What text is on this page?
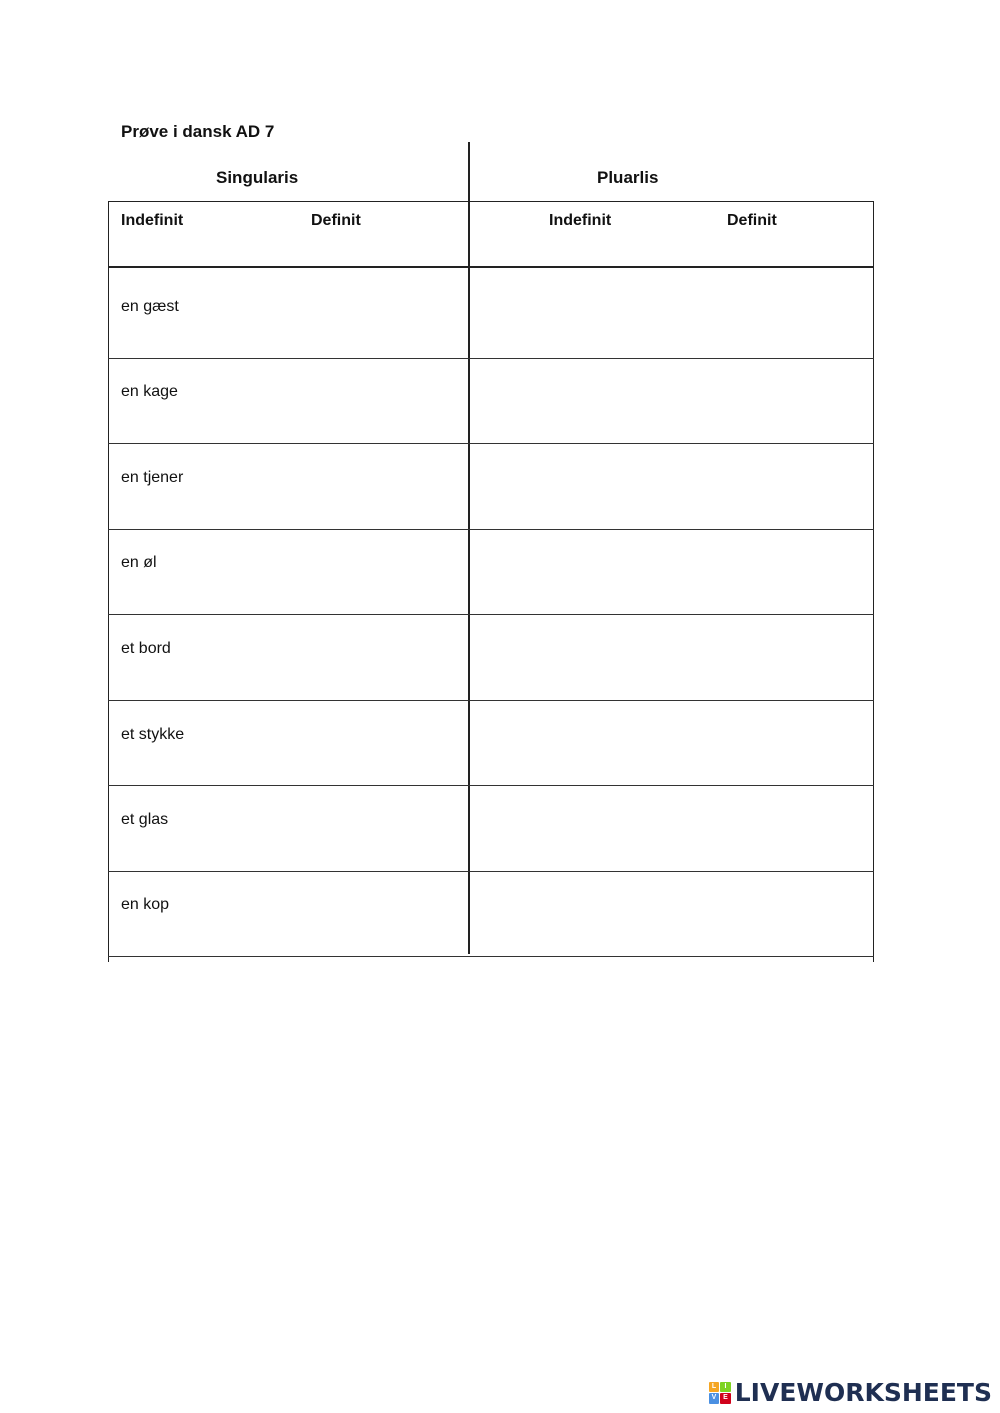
Prøve i dansk AD 7
Singularis	Pluarlis
Indefinit	Definit	Indefinit	Definit
en gæst
en kage
en tjener
en øl
et bord
et stykke
et glas
en kop
L	I
V E LIVEWORKSHEETS
